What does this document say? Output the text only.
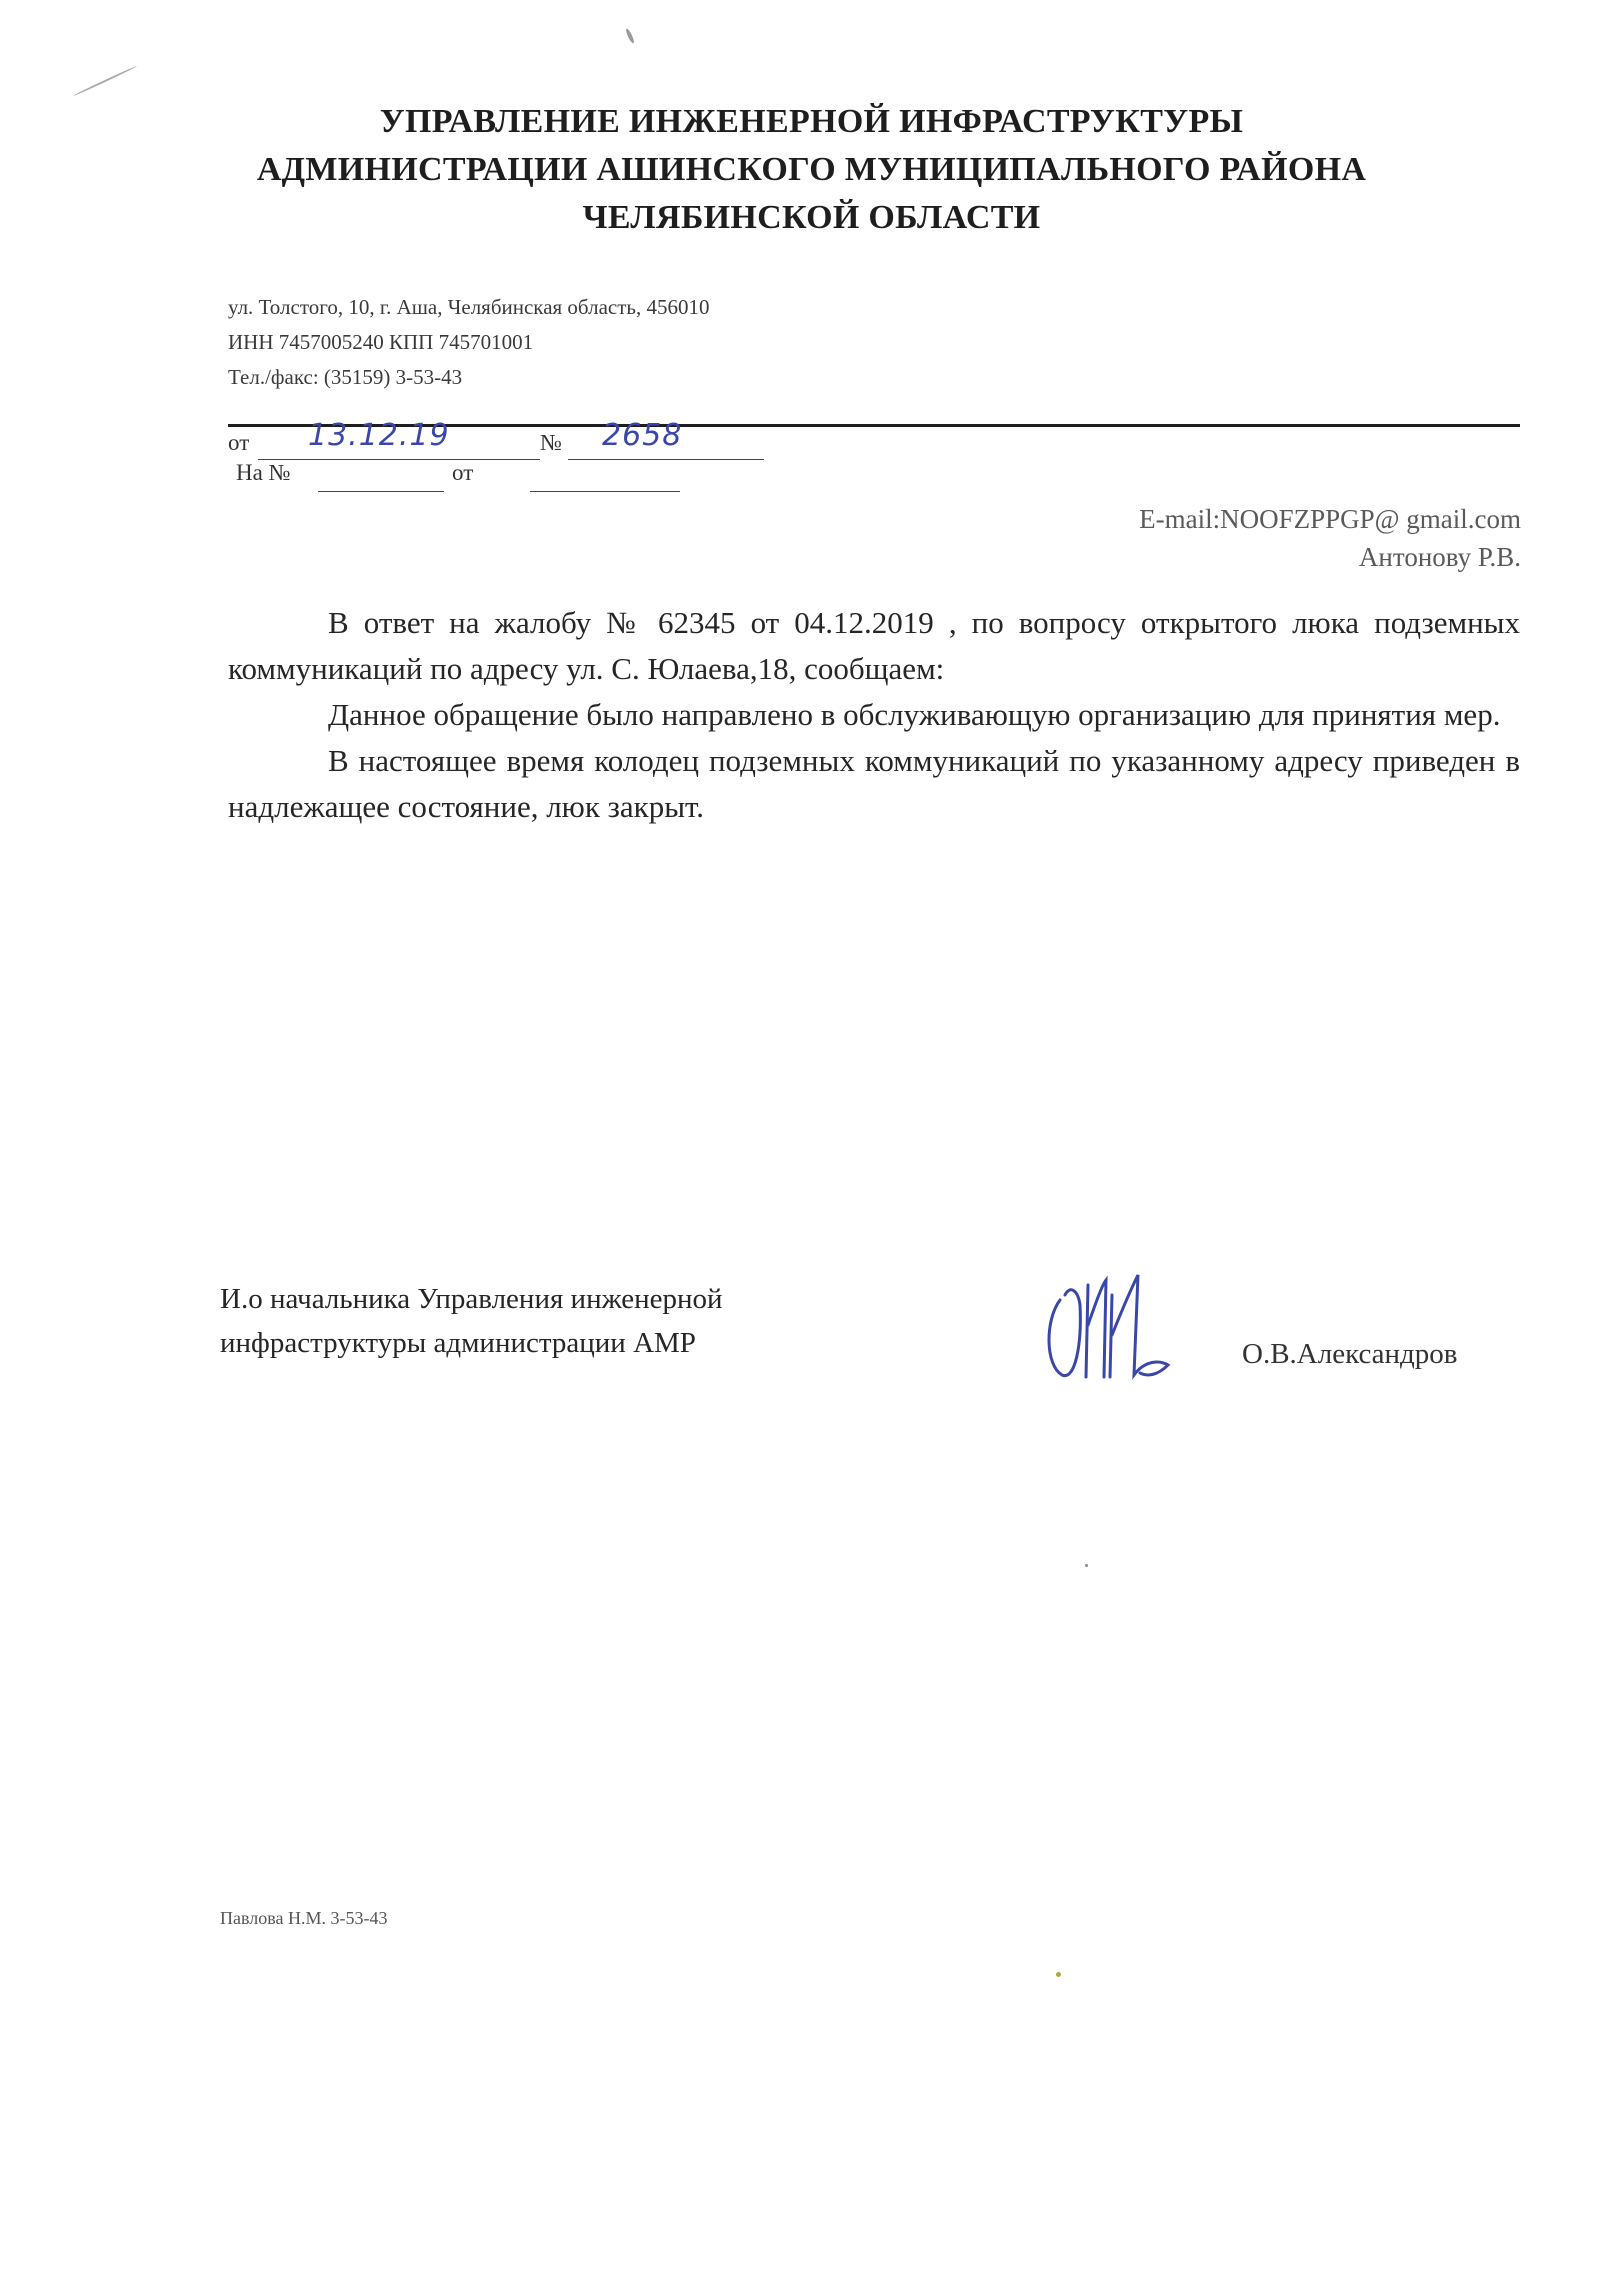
УПРАВЛЕНИЕ ИНЖЕНЕРНОЙ ИНФРАСТРУКТУРЫ
АДМИНИСТРАЦИИ АШИНСКОГО МУНИЦИПАЛЬНОГО РАЙОНА
ЧЕЛЯБИНСКОЙ ОБЛАСТИ
ул. Толстого, 10, г. Аша, Челябинская область, 456010
ИНН 7457005240 КПП 745701001
Тел./факс: (35159) 3-53-43
от 13.12.19	№ 2658
На №	от
E-mail:NOOFZPPGP@ gmail.com
Антонову Р.В.

В ответ на жалобу № 62345 от 04.12.2019 , по вопросу открытого люка подземных коммуникаций по адресу ул. С. Юлаева,18, сообщаем:

Данное обращение было направлено в обслуживающую организацию для принятия мер.

В настоящее время колодец подземных коммуникаций по указанному адресу приведен в надлежащее состояние, люк закрыт.

И.о начальника Управления инженерной
инфраструктуры администрации АМР	О.В.Александров
Павлова Н.М. 3-53-43
